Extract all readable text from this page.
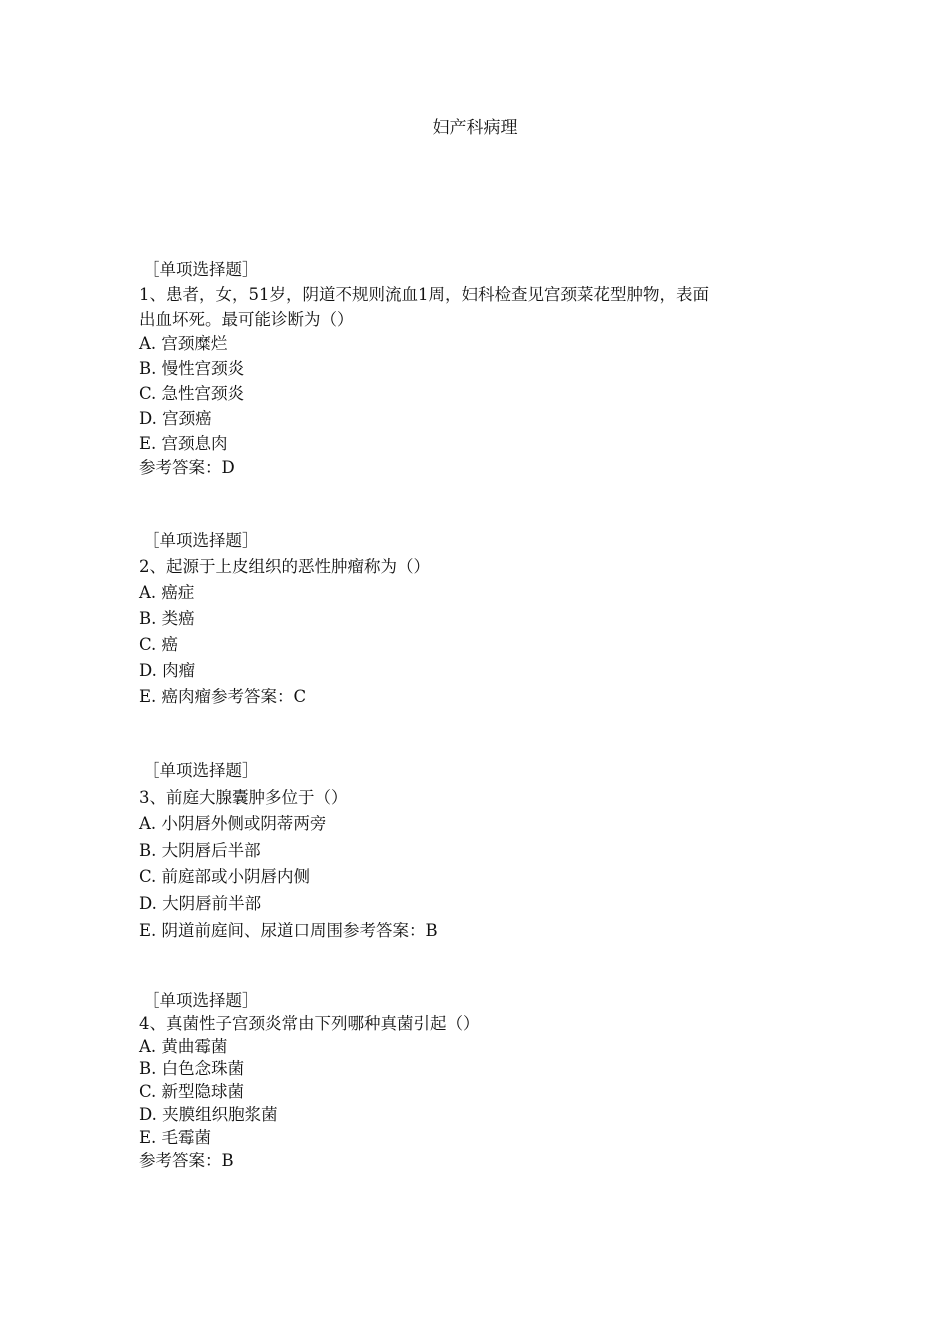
妇产科病理
［单项选择题］
1、患者，女，51岁，阴道不规则流血1周，妇科检查见宫颈菜花型肿物，表面
出血坏死。最可能诊断为（）
A. 宫颈糜烂
B. 慢性宫颈炎
C. 急性宫颈炎
D. 宫颈癌
E. 宫颈息肉
参考答案：D
［单项选择题］
2、起源于上皮组织的恶性肿瘤称为（）
A. 癌症
B. 类癌
C. 癌
D. 肉瘤
E. 癌肉瘤参考答案：C
［单项选择题］
3、前庭大腺囊肿多位于（）
A. 小阴唇外侧或阴蒂两旁
B. 大阴唇后半部
C. 前庭部或小阴唇内侧
D. 大阴唇前半部
E. 阴道前庭间、尿道口周围参考答案：B
［单项选择题］
4、真菌性子宫颈炎常由下列哪种真菌引起（）
A. 黄曲霉菌
B. 白色念珠菌
C. 新型隐球菌
D. 夹膜组织胞浆菌
E. 毛霉菌
参考答案：B
